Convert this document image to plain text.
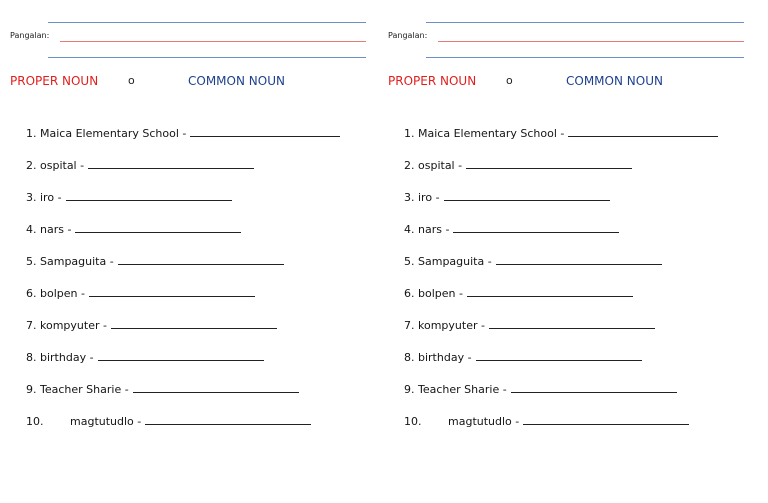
Pangalan:
PROPER NOUN	o	COMMON NOUN
1. Maica Elementary School -
2. ospital -
3. iro -
4. nars -
5. Sampaguita -
6. bolpen -
7. kompyuter -
8. birthday -
9. Teacher Sharie -
10. magtutudlo -
Pangalan:
PROPER NOUN	o	COMMON NOUN
1. Maica Elementary School -
2. ospital -
3. iro -
4. nars -
5. Sampaguita -
6. bolpen -
7. kompyuter -
8. birthday -
9. Teacher Sharie -
10. magtutudlo -
